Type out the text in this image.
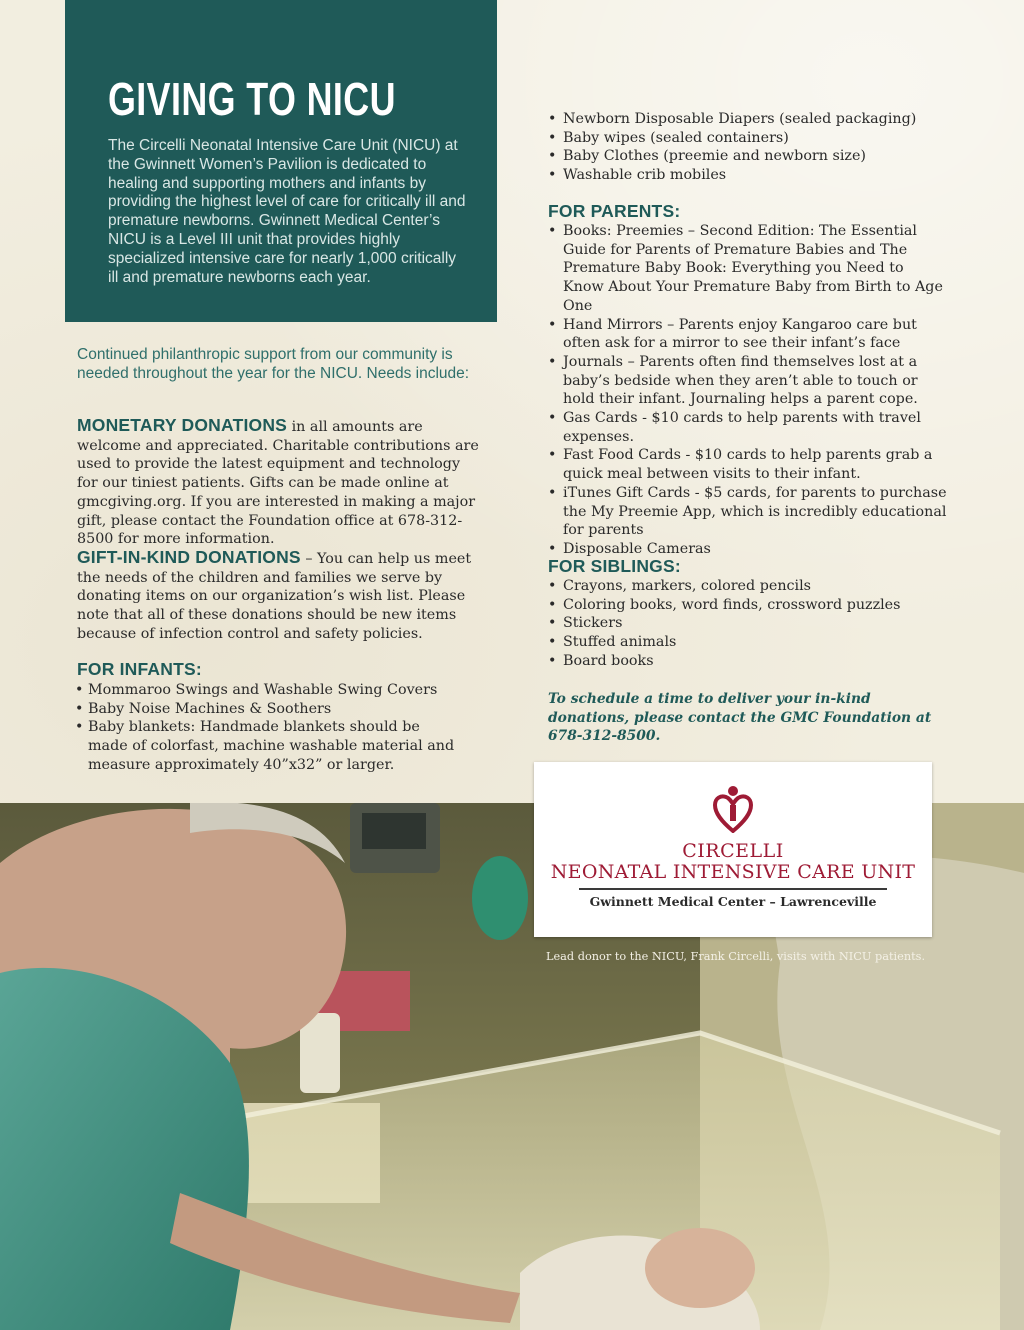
GIVING TO NICU

The Circelli Neonatal Intensive Care Unit (NICU) at the Gwinnett Women’s Pavilion is dedicated to healing and supporting mothers and infants by providing the highest level of care for critically ill and premature newborns. Gwinnett Medical Center’s NICU is a Level III unit that provides highly specialized intensive care for nearly 1,000 critically ill and premature newborns each year.

Continued philanthropic support from our community is needed throughout the year for the NICU. Needs include:

MONETARY DONATIONS in all amounts are welcome and appreciated. Charitable contributions are used to provide the latest equipment and technology for our tiniest patients. Gifts can be made online at gmcgiving.org. If you are interested in making a major gift, please contact the Foundation office at 678-312-8500 for more information.

GIFT-IN-KIND DONATIONS – You can help us meet the needs of the children and families we serve by donating items on our organization’s wish list. Please note that all of these donations should be new items because of infection control and safety policies.

FOR INFANTS:
• Mommaroo Swings and Washable Swing Covers
• Baby Noise Machines & Soothers
• Baby blankets: Handmade blankets should be made of colorfast, machine washable material and measure approximately 40”x32” or larger.
• Newborn Disposable Diapers (sealed packaging)
• Baby wipes (sealed containers)
• Baby Clothes (preemie and newborn size)
• Washable crib mobiles
FOR PARENTS:
• Books: Preemies – Second Edition: The Essential Guide for Parents of Premature Babies and The Premature Baby Book: Everything you Need to Know About Your Premature Baby from Birth to Age One
• Hand Mirrors – Parents enjoy Kangaroo care but often ask for a mirror to see their infant’s face
• Journals – Parents often find themselves lost at a baby’s bedside when they aren’t able to touch or hold their infant. Journaling helps a parent cope.
• Gas Cards - $10 cards to help parents with travel expenses.
• Fast Food Cards - $10 cards to help parents grab a quick meal between visits to their infant.
• iTunes Gift Cards - $5 cards, for parents to purchase the My Preemie App, which is incredibly educational for parents
• Disposable Cameras
FOR SIBLINGS:
• Crayons, markers, colored pencils
• Coloring books, word finds, crossword puzzles
• Stickers
• Stuffed animals
• Board books

To schedule a time to deliver your in-kind donations, please contact the GMC Foundation at 678-312-8500.

CIRCELLI
NEONATAL INTENSIVE CARE UNIT
Gwinnett Medical Center – Lawrenceville

Lead donor to the NICU, Frank Circelli, visits with NICU patients.
